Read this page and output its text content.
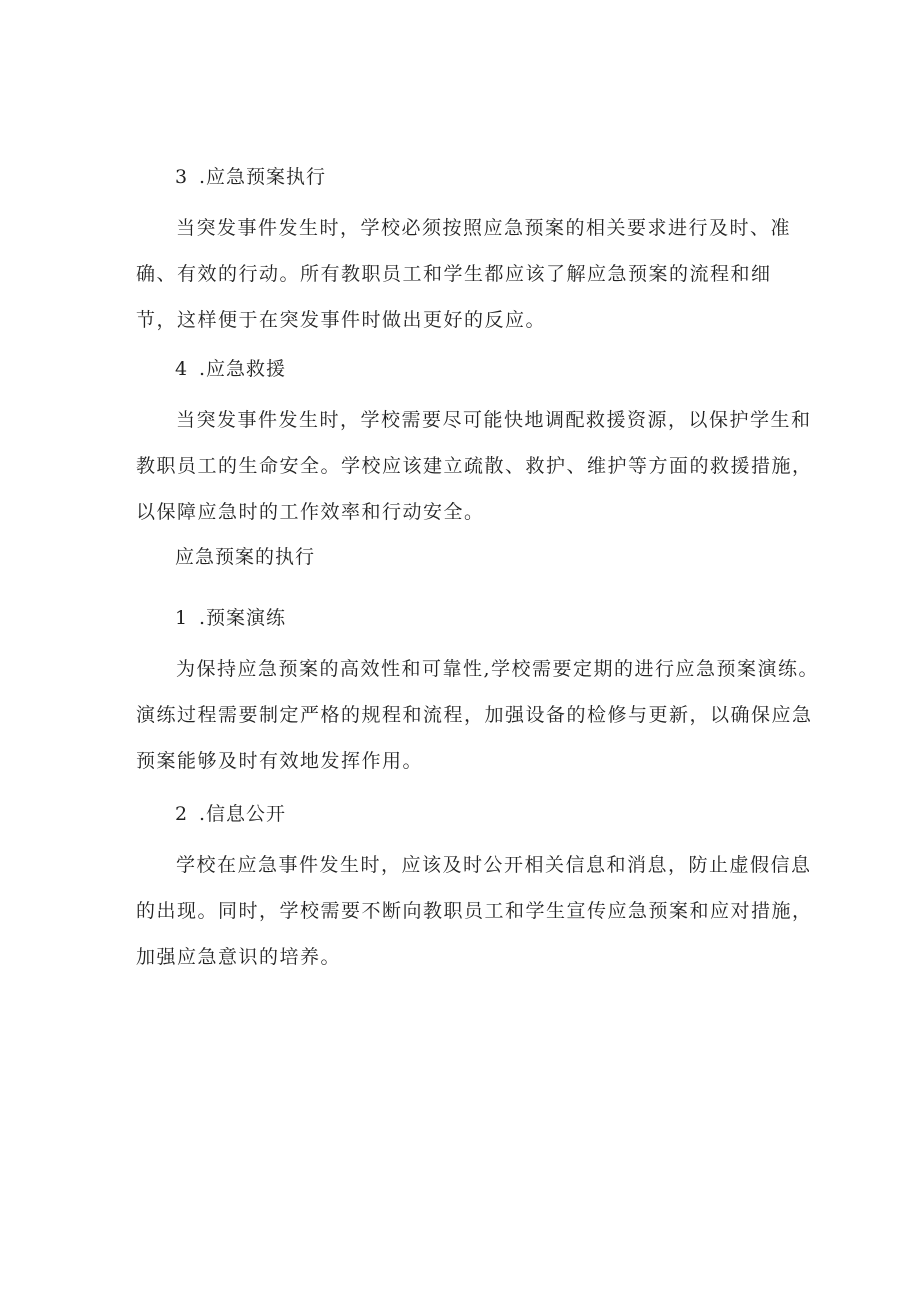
3 .应急预案执行
当突发事件发生时，学校必须按照应急预案的相关要求进行及时、准
确、有效的行动。所有教职员工和学生都应该了解应急预案的流程和细
节，这样便于在突发事件时做出更好的反应。
4 .应急救援
当突发事件发生时，学校需要尽可能快地调配救援资源，以保护学生和
教职员工的生命安全。学校应该建立疏散、救护、维护等方面的救援措施，
以保障应急时的工作效率和行动安全。
应急预案的执行
1 .预案演练
为保持应急预案的高效性和可靠性,学校需要定期的进行应急预案演练。
演练过程需要制定严格的规程和流程，加强设备的检修与更新，以确保应急
预案能够及时有效地发挥作用。
2 .信息公开
学校在应急事件发生时，应该及时公开相关信息和消息，防止虚假信息
的出现。同时，学校需要不断向教职员工和学生宣传应急预案和应对措施，
加强应急意识的培养。
